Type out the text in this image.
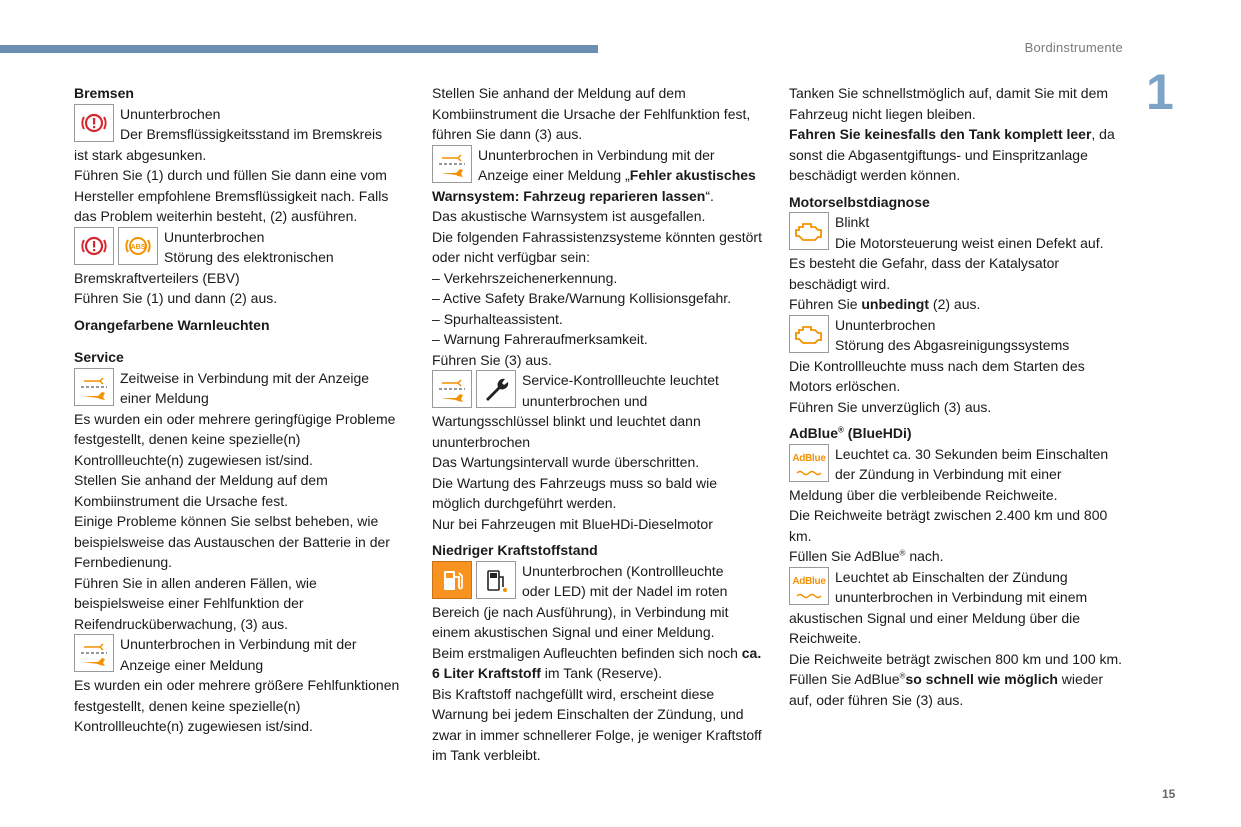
Bordinstrumente
1
15

Bremsen

Ununterbrochen

Der Bremsflüssigkeitsstand im Bremskreis

ist stark abgesunken.

Führen Sie (1) durch und füllen Sie dann eine vom Hersteller empfohlene Bremsflüssigkeit nach. Falls das Problem weiterhin besteht, (2) ausführen.

ABS

Ununterbrochen

Störung des elektronischen

Bremskraftverteilers (EBV)

Führen Sie (1) und dann (2) aus.

Orangefarbene Warnleuchten

Service

Zeitweise in Verbindung mit der Anzeige

einer Meldung

Es wurden ein oder mehrere geringfügige Probleme festgestellt, denen keine spezielle(n) Kontrollleuchte(n) zugewiesen ist/sind.

Stellen Sie anhand der Meldung auf dem Kombiinstrument die Ursache fest.

Einige Probleme können Sie selbst beheben, wie beispielsweise das Austauschen der Batterie in der Fernbedienung.

Führen Sie in allen anderen Fällen, wie beispielsweise einer Fehlfunktion der Reifendrucküberwachung, (3) aus.

Ununterbrochen in Verbindung mit der

Anzeige einer Meldung

Es wurden ein oder mehrere größere Fehlfunktionen festgestellt, denen keine spezielle(n) Kontrollleuchte(n) zugewiesen ist/sind.

Stellen Sie anhand der Meldung auf dem Kombiinstrument die Ursache der Fehlfunktion fest, führen Sie dann (3) aus.

Ununterbrochen in Verbindung mit der

Anzeige einer Meldung „Fehler akustisches

Warnsystem: Fahrzeug reparieren lassen“.

Das akustische Warnsystem ist ausgefallen.

Die folgenden Fahrassistenzsysteme könnten gestört oder nicht verfügbar sein:

– Verkehrszeichenerkennung.
– Active Safety Brake/Warnung Kollisionsgefahr.
– Spurhalteassistent.
– Warnung Fahreraufmerksamkeit.

Führen Sie (3) aus.

Service-Kontrollleuchte leuchtet

ununterbrochen und

Wartungsschlüssel blinkt und leuchtet dann ununterbrochen

Das Wartungsintervall wurde überschritten.

Die Wartung des Fahrzeugs muss so bald wie möglich durchgeführt werden.

Nur bei Fahrzeugen mit BlueHDi-Dieselmotor

Niedriger Kraftstoffstand

Ununterbrochen (Kontrollleuchte

oder LED) mit der Nadel im roten

Bereich (je nach Ausführung), in Verbindung mit einem akustischen Signal und einer Meldung.

Beim erstmaligen Aufleuchten befinden sich noch ca. 6 Liter Kraftstoff im Tank (Reserve).

Bis Kraftstoff nachgefüllt wird, erscheint diese Warnung bei jedem Einschalten der Zündung, und zwar in immer schnellerer Folge, je weniger Kraftstoff im Tank verbleibt.

Tanken Sie schnellstmöglich auf, damit Sie mit dem Fahrzeug nicht liegen bleiben.

Fahren Sie keinesfalls den Tank komplett leer, da sonst die Abgasentgiftungs- und Einspritzanlage beschädigt werden können.

Motorselbstdiagnose

Blinkt

Die Motorsteuerung weist einen Defekt auf.

Es besteht die Gefahr, dass der Katalysator beschädigt wird.

Führen Sie unbedingt (2) aus.

Ununterbrochen

Störung des Abgasreinigungssystems

Die Kontrollleuchte muss nach dem Starten des Motors erlöschen.

Führen Sie unverzüglich (3) aus.

AdBlue® (BlueHDi)

AdBlue Leuchtet ca. 30 Sekunden beim Einschalten

der Zündung in Verbindung mit einer

Meldung über die verbleibende Reichweite.

Die Reichweite beträgt zwischen 2.400 km und 800 km.

Füllen Sie AdBlue® nach.

AdBlue Leuchtet ab Einschalten der Zündung

ununterbrochen in Verbindung mit einem

akustischen Signal und einer Meldung über die Reichweite.

Die Reichweite beträgt zwischen 800 km und 100 km.

Füllen Sie AdBlue®so schnell wie möglich wieder auf, oder führen Sie (3) aus.
